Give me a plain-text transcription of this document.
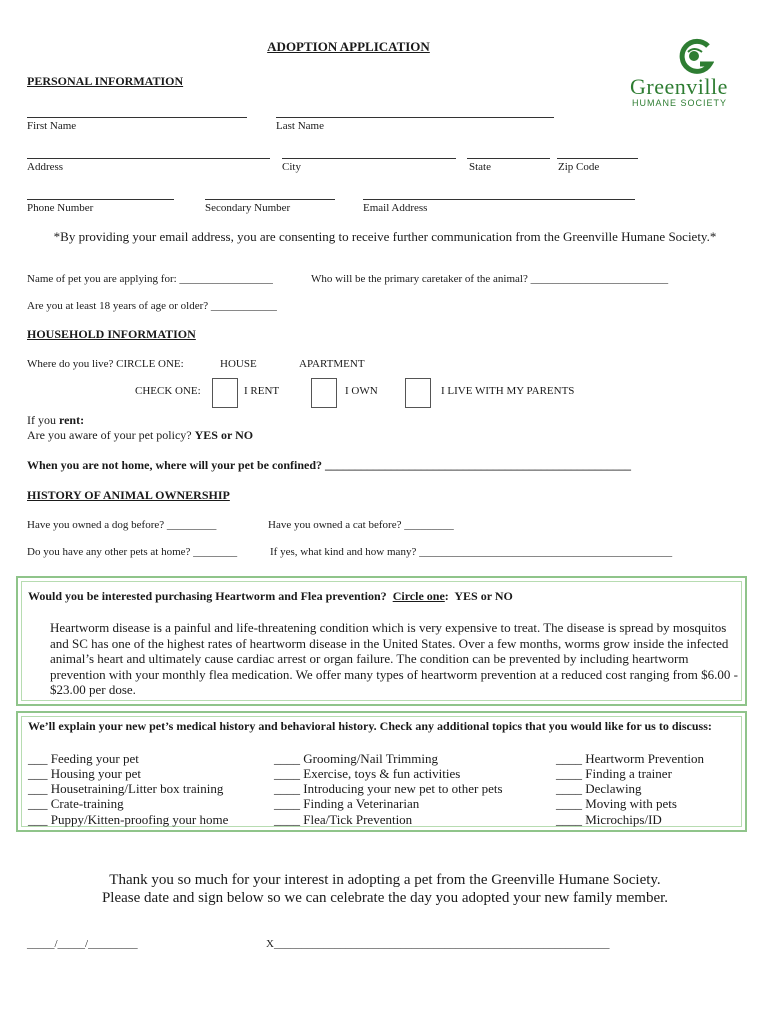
ADOPTION APPLICATION
Greenville
HUMANE SOCIETY
PERSONAL INFORMATION
First Name	Last Name
Address	City	State	Zip Code
Phone Number	Secondary Number	Email Address
*By providing your email address, you are consenting to receive further communication from the Greenville Humane Society.*
Name of pet you are applying for: _________________	Who will be the primary caretaker of the animal? _________________________
Are you at least 18 years of age or older? ____________
HOUSEHOLD INFORMATION
Where do you live? CIRCLE ONE:	HOUSE	APARTMENT
CHECK ONE:	I RENT	I OWN	I LIVE WITH MY PARENTS
If you rent:
Are you aware of your pet policy? YES or NO
When you are not home, where will your pet be confined? ___________________________________________________
HISTORY OF ANIMAL OWNERSHIP
Have you owned a dog before? _________	Have you owned a cat before? _________
Do you have any other pets at home? ________	If yes, what kind and how many? ______________________________________________
Would you be interested purchasing Heartworm and Flea prevention? Circle one: YES or NO
Heartworm disease is a painful and life-threatening condition which is very expensive to treat. The disease is spread by mosquitos and SC has one of the highest rates of heartworm disease in the United States. Over a few months, worms grow inside the infected animal’s heart and ultimately cause cardiac arrest or organ failure. The condition can be prevented by including heartworm prevention with your monthly flea medication. We offer many types of heartworm prevention at a reduced cost ranging from $6.00 - $23.00 per dose.
We’ll explain your new pet’s medical history and behavioral history. Check any additional topics that you would like for us to discuss:
___ Feeding your pet
___ Housing your pet
___ Housetraining/Litter box training
___ Crate-training
___ Puppy/Kitten-proofing your home
____ Grooming/Nail Trimming
____ Exercise, toys & fun activities
____ Introducing your new pet to other pets
____ Finding a Veterinarian
____ Flea/Tick Prevention
____ Heartworm Prevention
____ Finding a trainer
____ Declawing
____ Moving with pets
____ Microchips/ID
Thank you so much for your interest in adopting a pet from the Greenville Humane Society.
Please date and sign below so we can celebrate the day you adopted your new family member.
_____/_____/_________	X_____________________________________________________________
